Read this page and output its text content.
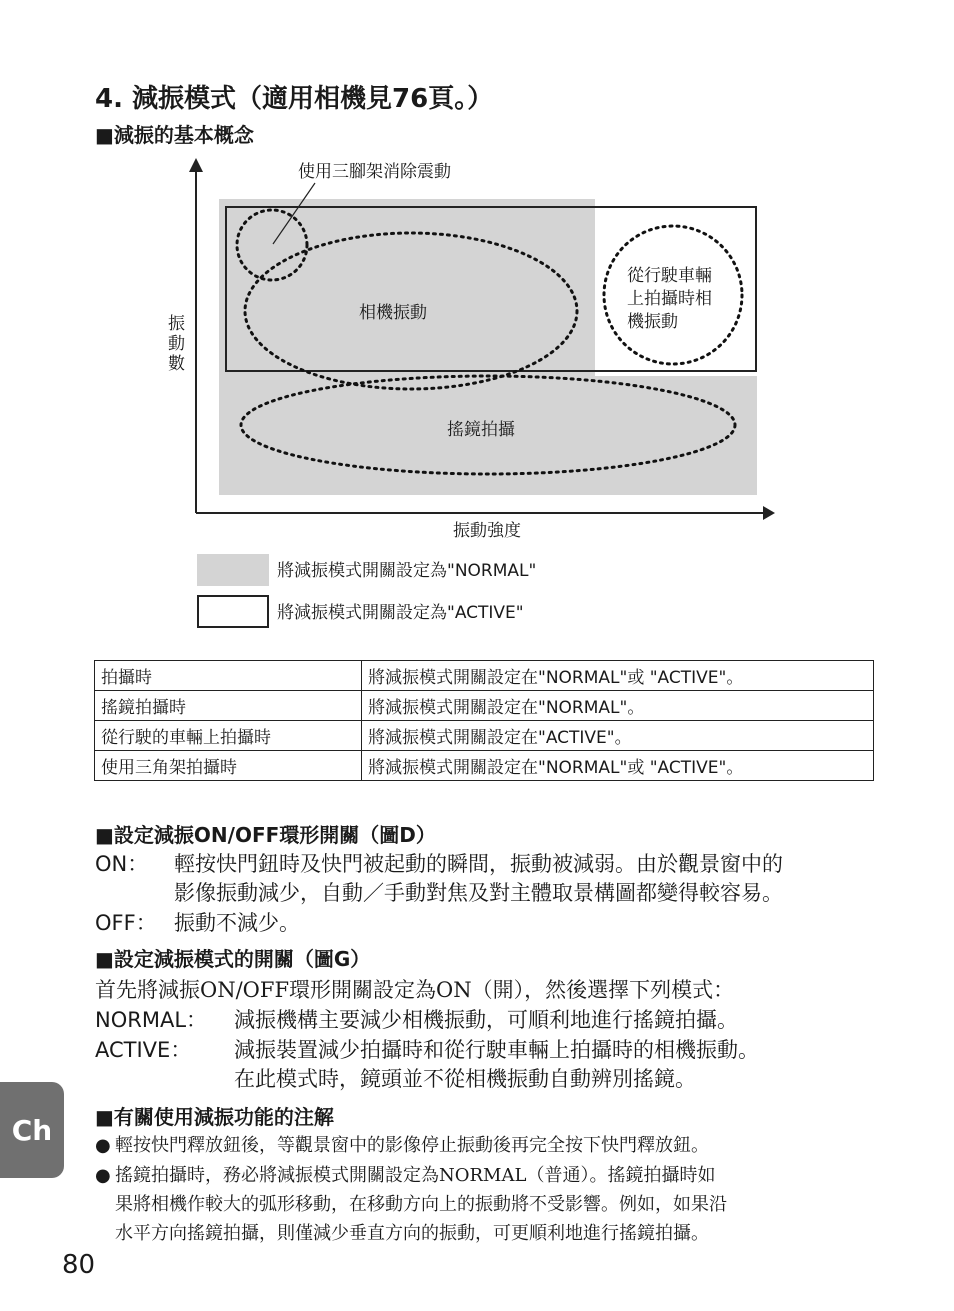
4. 減振模式（適用相機見76頁。）
■減振的基本概念
使用三腳架消除震動
相機振動
從行駛車輛
上拍攝時相
機振動
搖鏡拍攝
振
動
數
振動強度
將減振模式開關設定為"NORMAL"
將減振模式開關設定為"ACTIVE"
拍攝時	將減振模式開關設定在"NORMAL"或 "ACTIVE"。
搖鏡拍攝時	將減振模式開關設定在"NORMAL"。
從行駛的車輛上拍攝時	將減振模式開關設定在"ACTIVE"。
使用三角架拍攝時	將減振模式開關設定在"NORMAL"或 "ACTIVE"。
■設定減振ON/OFF環形開關（圖D）
ON： 輕按快門鈕時及快門被起動的瞬間，振動被減弱。由於觀景窗中的
影像振動減少，自動／手動對焦及對主體取景構圖都變得較容易。
OFF： 振動不減少。
■設定減振模式的開關（圖G）
首先將減振ON/OFF環形開關設定為ON（開），然後選擇下列模式：
NORMAL： 減振機構主要減少相機振動，可順利地進行搖鏡拍攝。
ACTIVE： 減振裝置減少拍攝時和從行駛車輛上拍攝時的相機振動。
在此模式時，鏡頭並不從相機振動自動辨別搖鏡。
■有關使用減振功能的注解
● 輕按快門釋放鈕後，等觀景窗中的影像停止振動後再完全按下快門釋放鈕。
● 搖鏡拍攝時，務必將減振模式開關設定為NORMAL（普通）。搖鏡拍攝時如
果將相機作較大的弧形移動，在移動方向上的振動將不受影響。例如，如果沿
水平方向搖鏡拍攝，則僅減少垂直方向的振動，可更順利地進行搖鏡拍攝。
Ch
80
